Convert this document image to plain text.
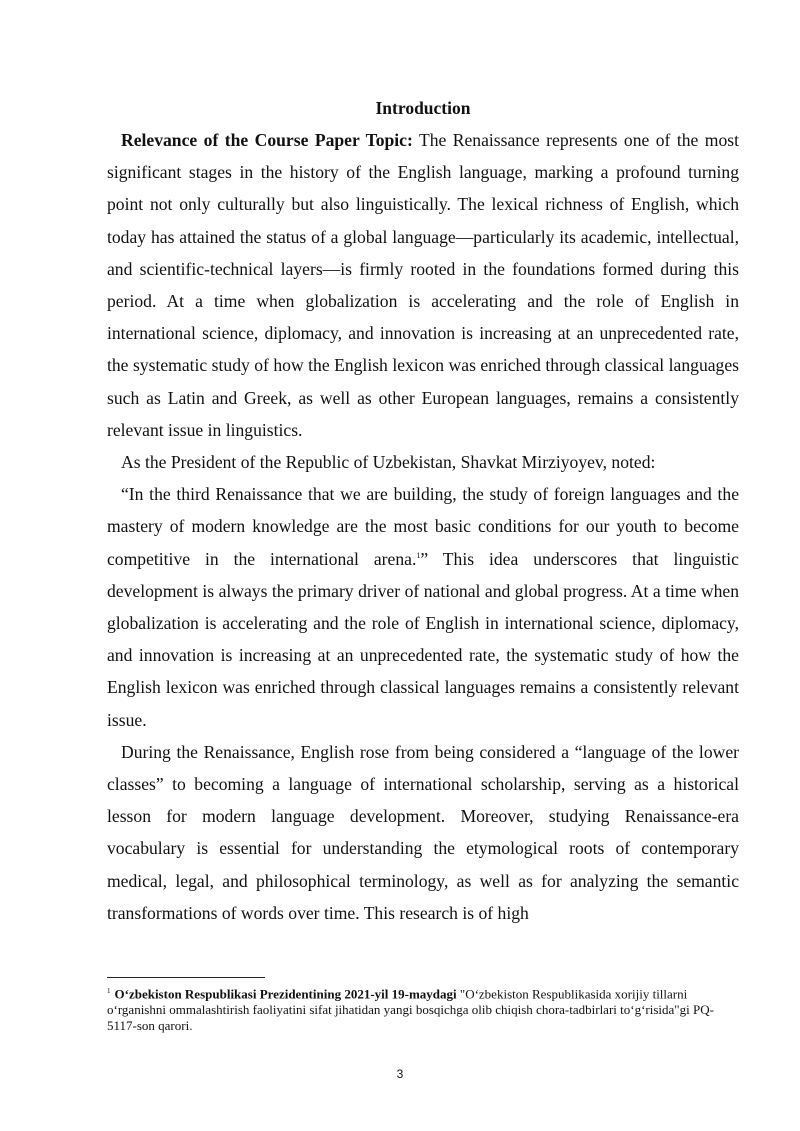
Introduction

Relevance of the Course Paper Topic: The Renaissance represents one of the most significant stages in the history of the English language, marking a profound turning point not only culturally but also linguistically. The lexical richness of English, which today has attained the status of a global language—particularly its academic, intellectual, and scientific-technical layers—is firmly rooted in the foundations formed during this period. At a time when globalization is accelerating and the role of English in international science, diplomacy, and innovation is increasing at an unprecedented rate, the systematic study of how the English lexicon was enriched through classical languages such as Latin and Greek, as well as other European languages, remains a consistently relevant issue in linguistics.

As the President of the Republic of Uzbekistan, Shavkat Mirziyoyev, noted:

“In the third Renaissance that we are building, the study of foreign languages and the mastery of modern knowledge are the most basic conditions for our youth to become competitive in the international arena.$^1$” This idea underscores that linguistic development is always the primary driver of national and global progress. At a time when globalization is accelerating and the role of English in international science, diplomacy, and innovation is increasing at an unprecedented rate, the systematic study of how the English lexicon was enriched through classical languages remains a consistently relevant issue.

During the Renaissance, English rose from being considered a “language of the lower classes” to becoming a language of international scholarship, serving as a historical lesson for modern language development. Moreover, studying Renaissance-era vocabulary is essential for understanding the etymological roots of contemporary medical, legal, and philosophical terminology, as well as for analyzing the semantic transformations of words over time. This research is of high

$^1$ O‘zbekiston Respublikasi Prezidentining 2021-yil 19-maydagi "O‘zbekiston Respublikasida xorijiy tillarni o‘rganishni ommalashtirish faoliyatini sifat jihatidan yangi bosqichga olib chiqish chora-tadbirlari to‘g‘risida"gi PQ-5117-son qarori.
3
